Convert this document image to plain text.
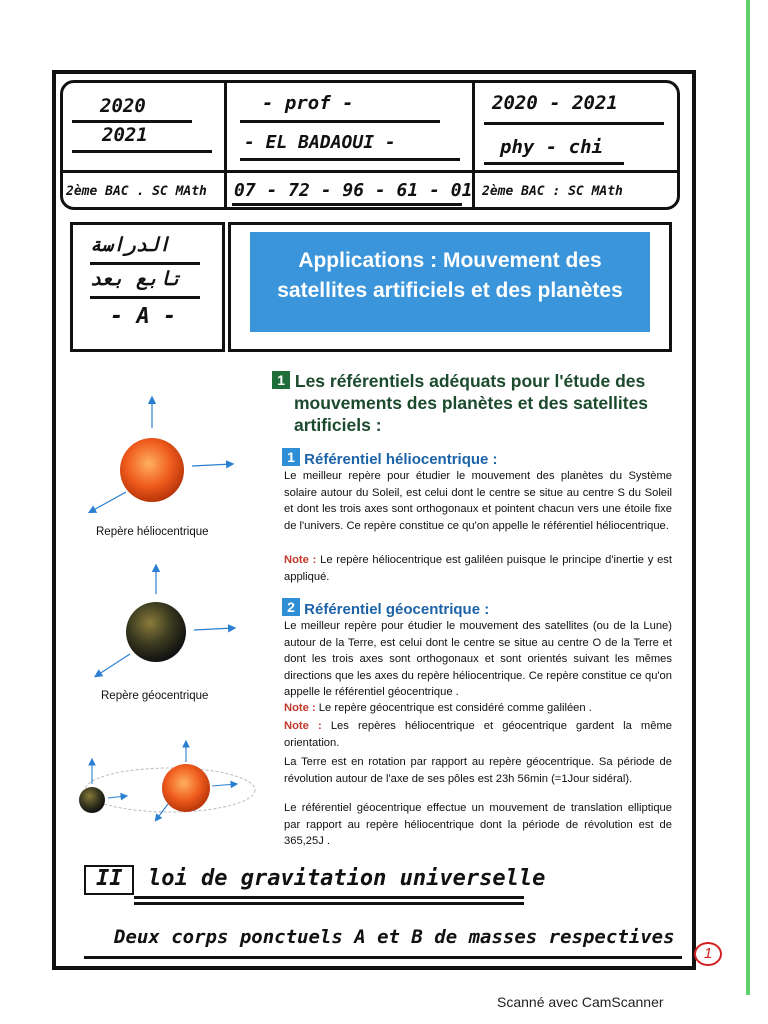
2020
2021
- prof -
- EL BADAOUI -
2020 - 2021
phy - chi
2ème BAC . SC MAth 07 - 72 - 96 - 61 - 01 2ème BAC : SC MAth
الدراسة
تابع بعد
- A -
Applications : Mouvement des
satellites artificiels et des planètes
1 Les référentiels adéquats pour l'étude des
mouvements des planètes et des satellites
artificiels :
1 Référentiel héliocentrique :
Le meilleur repère pour étudier le mouvement des planètes du Système solaire autour du Soleil, est celui dont le centre se situe au centre S du Soleil et dont les trois axes sont orthogonaux et pointent chacun vers une étoile fixe de l'univers. Ce repère constitue ce qu'on appelle le référentiel héliocentrique.
Note : Le repère héliocentrique est galiléen puisque le principe d'inertie y est appliqué.
2 Référentiel géocentrique :
Le meilleur repère pour étudier le mouvement des satellites (ou de la Lune) autour de la Terre, est celui dont le centre se situe au centre O de la Terre et dont les trois axes sont orthogonaux et sont orientés suivant les mêmes directions que les axes du repère héliocentrique. Ce repère constitue ce qu'on appelle le référentiel géocentrique .
Note : Le repère géocentrique est considéré comme galiléen .
Note : Les repères héliocentrique et géocentrique gardent la même orientation.
La Terre est en rotation par rapport au repère géocentrique. Sa période de révolution autour de l'axe de ses pôles est 23h 56min (=1Jour sidéral).
Le référentiel géocentrique effectue un mouvement de translation elliptique par rapport au repère héliocentrique dont la période de révolution est de 365,25J .
Repère héliocentrique
Repère géocentrique
II loi de gravitation universelle
Deux corps ponctuels A et B de masses respectives
1
Scanné avec CamScanner
